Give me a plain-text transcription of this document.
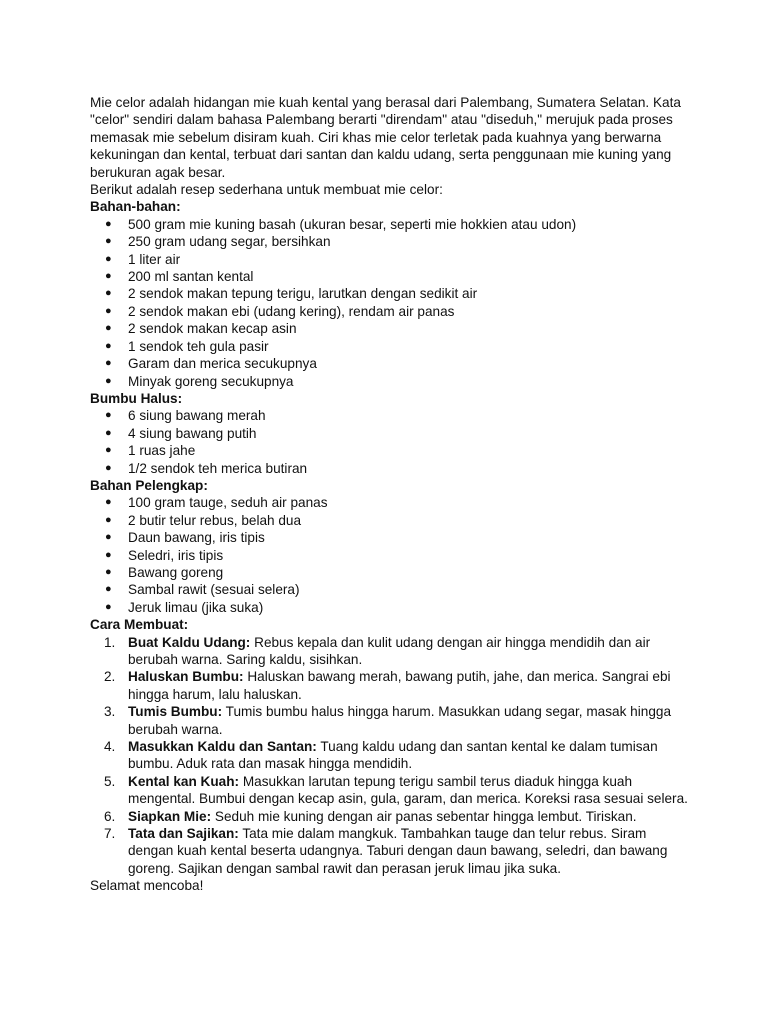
Mie celor adalah hidangan mie kuah kental yang berasal dari Palembang, Sumatera Selatan. Kata "celor" sendiri dalam bahasa Palembang berarti "direndam" atau "diseduh," merujuk pada proses memasak mie sebelum disiram kuah. Ciri khas mie celor terletak pada kuahnya yang berwarna kekuningan dan kental, terbuat dari santan dan kaldu udang, serta penggunaan mie kuning yang berukuran agak besar.

Berikut adalah resep sederhana untuk membuat mie celor:

Bahan-bahan:

● 500 gram mie kuning basah (ukuran besar, seperti mie hokkien atau udon)
● 250 gram udang segar, bersihkan
● 1 liter air
● 200 ml santan kental
● 2 sendok makan tepung terigu, larutkan dengan sedikit air
● 2 sendok makan ebi (udang kering), rendam air panas
● 2 sendok makan kecap asin
● 1 sendok teh gula pasir
● Garam dan merica secukupnya
● Minyak goreng secukupnya

Bumbu Halus:

● 6 siung bawang merah
● 4 siung bawang putih
● 1 ruas jahe
● 1/2 sendok teh merica butiran

Bahan Pelengkap:

● 100 gram tauge, seduh air panas
● 2 butir telur rebus, belah dua
● Daun bawang, iris tipis
● Seledri, iris tipis
● Bawang goreng
● Sambal rawit (sesuai selera)
● Jeruk limau (jika suka)

Cara Membuat:

1. Buat Kaldu Udang: Rebus kepala dan kulit udang dengan air hingga mendidih dan air berubah warna. Saring kaldu, sisihkan.
2. Haluskan Bumbu: Haluskan bawang merah, bawang putih, jahe, dan merica. Sangrai ebi hingga harum, lalu haluskan.
3. Tumis Bumbu: Tumis bumbu halus hingga harum. Masukkan udang segar, masak hingga berubah warna.
4. Masukkan Kaldu dan Santan: Tuang kaldu udang dan santan kental ke dalam tumisan bumbu. Aduk rata dan masak hingga mendidih.
5. Kental kan Kuah: Masukkan larutan tepung terigu sambil terus diaduk hingga kuah mengental. Bumbui dengan kecap asin, gula, garam, dan merica. Koreksi rasa sesuai selera.
6. Siapkan Mie: Seduh mie kuning dengan air panas sebentar hingga lembut. Tiriskan.
7. Tata dan Sajikan: Tata mie dalam mangkuk. Tambahkan tauge dan telur rebus. Siram dengan kuah kental beserta udangnya. Taburi dengan daun bawang, seledri, dan bawang goreng. Sajikan dengan sambal rawit dan perasan jeruk limau jika suka.

Selamat mencoba!
